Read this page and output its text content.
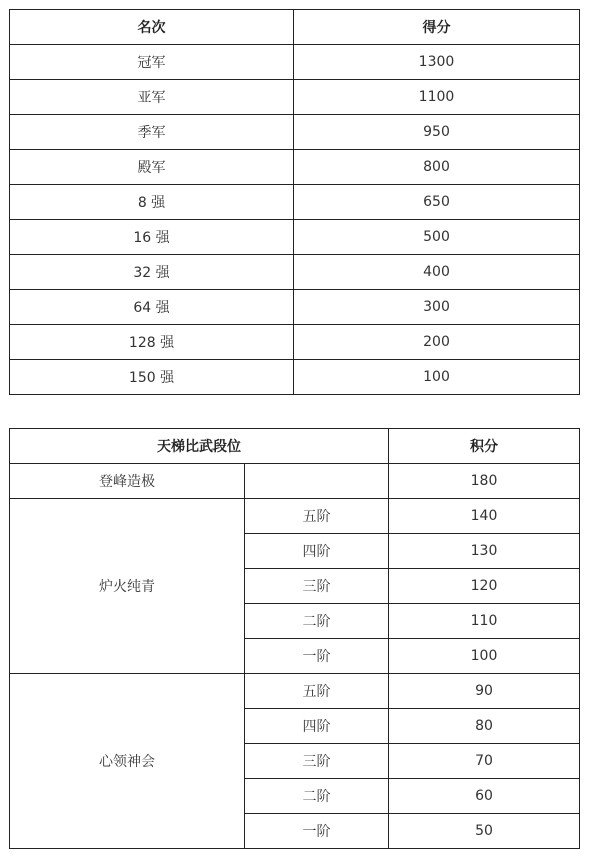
名次	得分
冠军	1300
亚军	1100
季军	950
殿军	800
8 强	650
16 强	500
32 强	400
64 强	300
128 强	200
150 强	100
天梯比武段位		积分
登峰造极		180
炉火纯青	五阶	140
	四阶	130
	三阶	120
	二阶	110
	一阶	100
心领神会	五阶	90
	四阶	80
	三阶	70
	二阶	60
	一阶	50
